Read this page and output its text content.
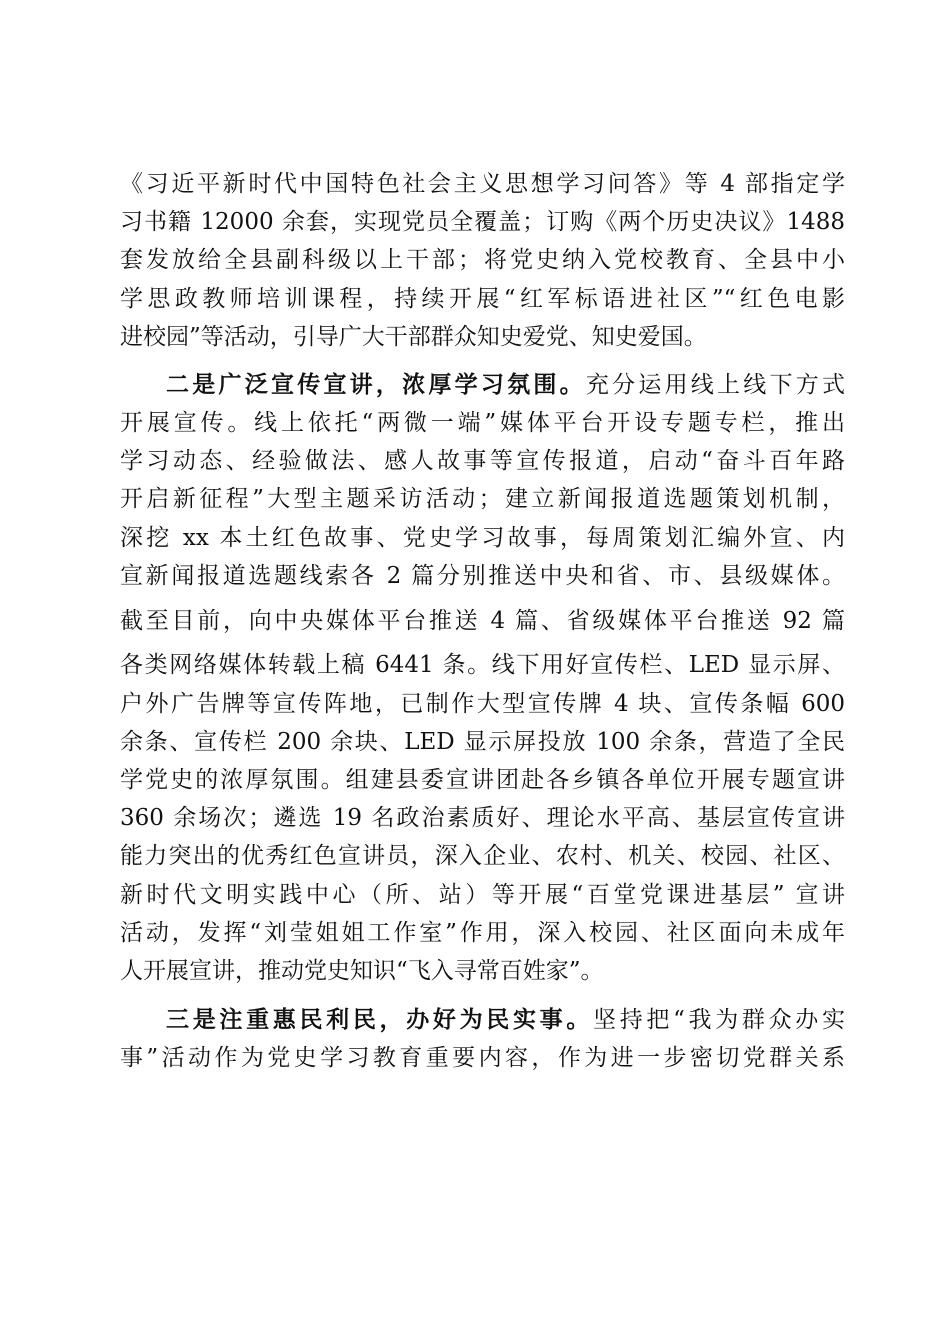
《习近平新时代中国特色社会主义思想学习问答》等 4 部指定学
习书籍 12000 余套，实现党员全覆盖；订购《两个历史决议》1488
套发放给全县副科级以上干部；将党史纳入党校教育、全县中小
学思政教师培训课程，持续开展“红军标语进社区”“红色电影
进校园”等活动，引导广大干部群众知史爱党、知史爱国。
二是广泛宣传宣讲，浓厚学习氛围。充分运用线上线下方式
开展宣传。线上依托“两微一端”媒体平台开设专题专栏，推出
学习动态、经验做法、感人故事等宣传报道，启动“奋斗百年路
开启新征程”大型主题采访活动；建立新闻报道选题策划机制，
深挖 xx 本土红色故事、党史学习故事，每周策划汇编外宣、内
宣新闻报道选题线索各 2 篇分别推送中央和省、市、县级媒体。
截至目前，向中央媒体平台推送 4 篇、省级媒体平台推送 92 篇
各类网络媒体转载上稿 6441 条。线下用好宣传栏、LED 显示屏、
户外广告牌等宣传阵地，已制作大型宣传牌 4 块、宣传条幅 600
余条、宣传栏 200 余块、LED 显示屏投放 100 余条，营造了全民
学党史的浓厚氛围。组建县委宣讲团赴各乡镇各单位开展专题宣讲
360 余场次；遴选 19 名政治素质好、理论水平高、基层宣传宣讲
能力突出的优秀红色宣讲员，深入企业、农村、机关、校园、社区、
新时代文明实践中心（所、站）等开展“百堂党课进基层” 宣讲
活动，发挥“刘莹姐姐工作室”作用，深入校园、社区面向未成年
人开展宣讲，推动党史知识“飞入寻常百姓家”。
三是注重惠民利民，办好为民实事。坚持把“我为群众办实
事”活动作为党史学习教育重要内容，作为进一步密切党群关系
